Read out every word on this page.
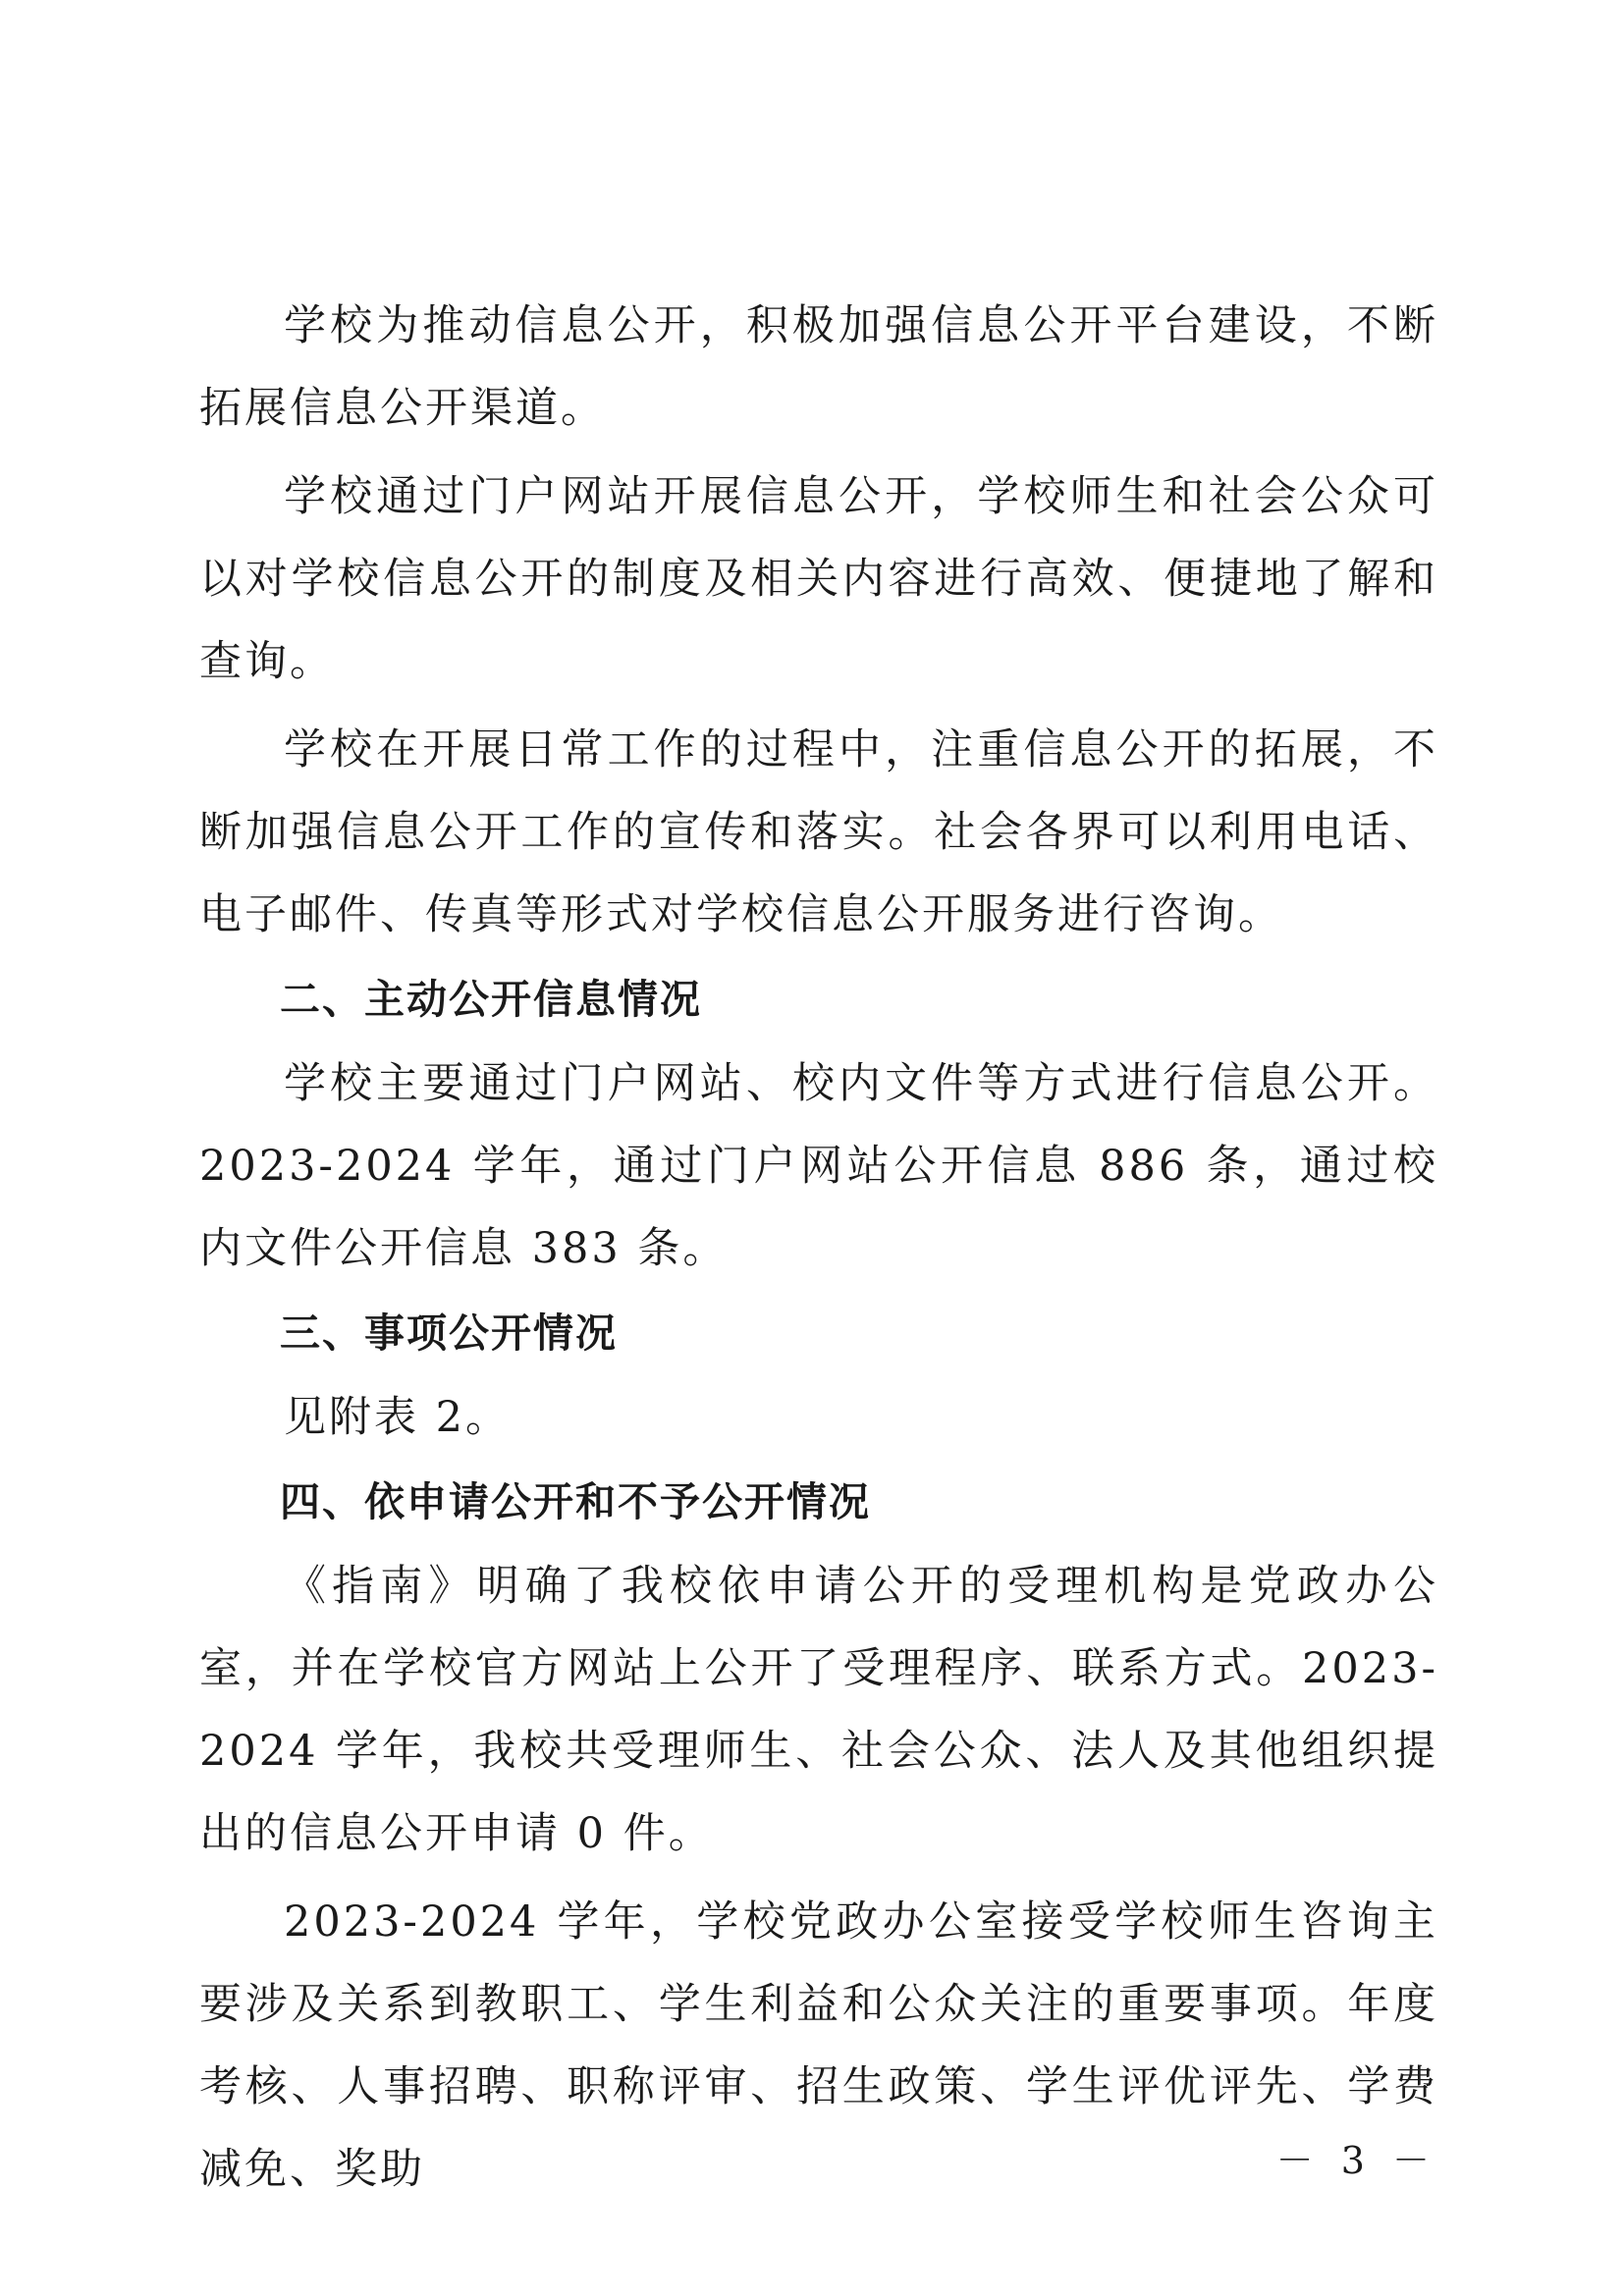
学校为推动信息公开，积极加强信息公开平台建设，不断拓展信息公开渠道。

学校通过门户网站开展信息公开，学校师生和社会公众可以对学校信息公开的制度及相关内容进行高效、便捷地了解和查询。

学校在开展日常工作的过程中，注重信息公开的拓展，不断加强信息公开工作的宣传和落实。社会各界可以利用电话、电子邮件、传真等形式对学校信息公开服务进行咨询。

二、主动公开信息情况

学校主要通过门户网站、校内文件等方式进行信息公开。2023-2024 学年，通过门户网站公开信息 886 条，通过校内文件公开信息 383 条。

三、事项公开情况

见附表 2。

四、依申请公开和不予公开情况

《指南》明确了我校依申请公开的受理机构是党政办公室，并在学校官方网站上公开了受理程序、联系方式。2023-2024 学年，我校共受理师生、社会公众、法人及其他组织提出的信息公开申请 0 件。

2023-2024 学年，学校党政办公室接受学校师生咨询主要涉及关系到教职工、学生利益和公众关注的重要事项。年度考核、人事招聘、职称评审、招生政策、学生评优评先、学费减免、奖助	－ 3 －
